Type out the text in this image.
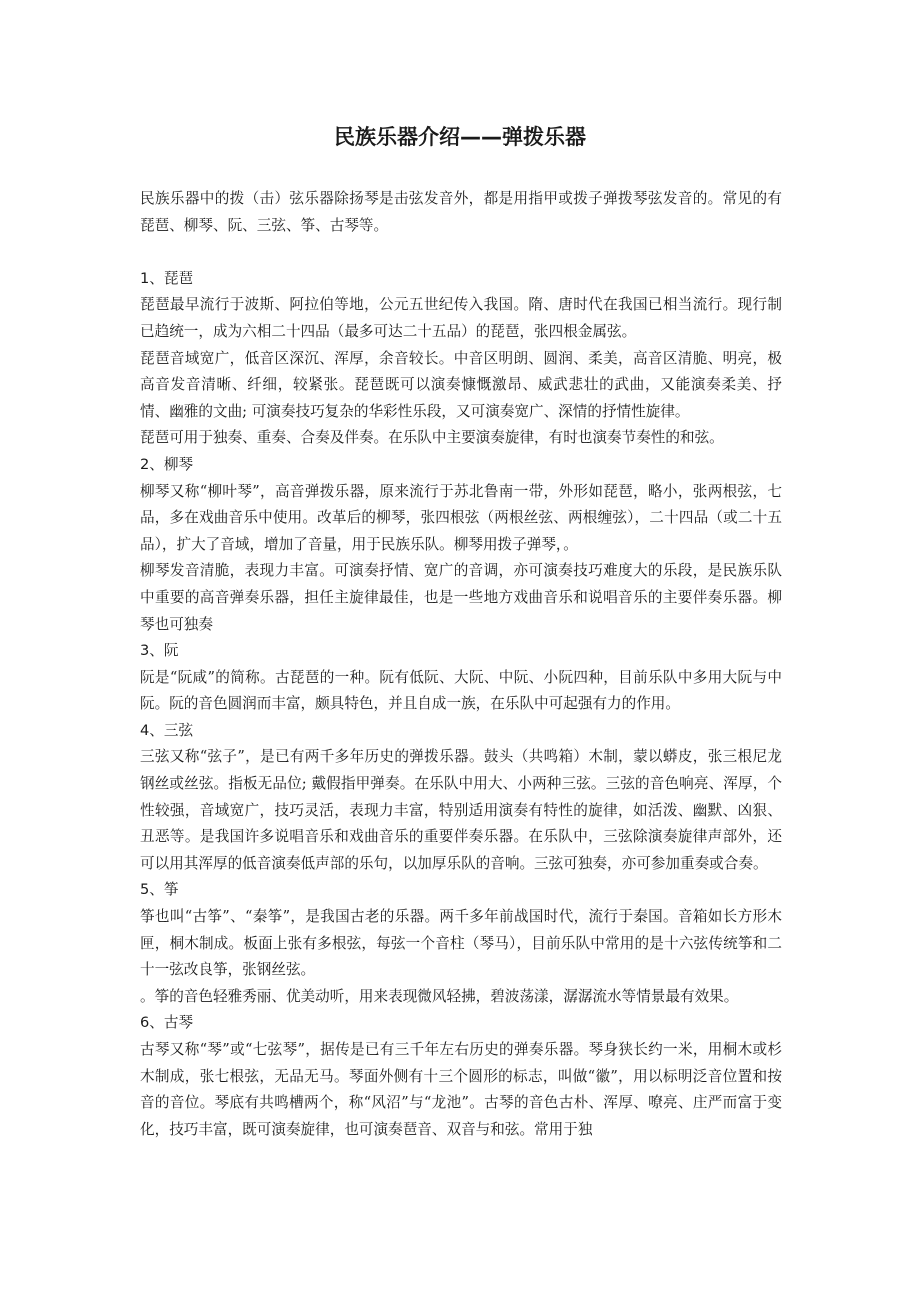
民族乐器介绍——弹拨乐器

民族乐器中的拨（击）弦乐器除扬琴是击弦发音外，都是用指甲或拨子弹拨琴弦发音的。常见的有琵琶、柳琴、阮、三弦、筝、古琴等。

1、琵琶

琵琶最早流行于波斯、阿拉伯等地，公元五世纪传入我国。隋、唐时代在我国已相当流行。现行制已趋统一，成为六相二十四品（最多可达二十五品）的琵琶，张四根金属弦。

琵琶音域宽广，低音区深沉、浑厚，余音较长。中音区明朗、圆润、柔美，高音区清脆、明亮，极高音发音清晰、纤细，较紧张。琵琶既可以演奏慷慨激昂、威武悲壮的武曲，又能演奏柔美、抒情、幽雅的文曲; 可演奏技巧复杂的华彩性乐段，又可演奏宽广、深情的抒情性旋律。

琵琶可用于独奏、重奏、合奏及伴奏。在乐队中主要演奏旋律，有时也演奏节奏性的和弦。

2、柳琴

柳琴又称“柳叶琴”，高音弹拨乐器，原来流行于苏北鲁南一带，外形如琵琶，略小，张两根弦，七品，多在戏曲音乐中使用。改革后的柳琴，张四根弦（两根丝弦、两根缠弦），二十四品（或二十五品），扩大了音域，增加了音量，用于民族乐队。柳琴用拨子弹琴，。

柳琴发音清脆，表现力丰富。可演奏抒情、宽广的音调，亦可演奏技巧难度大的乐段，是民族乐队中重要的高音弹奏乐器，担任主旋律最佳，也是一些地方戏曲音乐和说唱音乐的主要伴奏乐器。柳琴也可独奏

3、阮

阮是“阮咸”的简称。古琵琶的一种。阮有低阮、大阮、中阮、小阮四种，目前乐队中多用大阮与中阮。阮的音色圆润而丰富，颇具特色，并且自成一族，在乐队中可起强有力的作用。

4、三弦

三弦又称“弦子”，是已有两千多年历史的弹拨乐器。鼓头（共鸣箱）木制，蒙以蟒皮，张三根尼龙钢丝或丝弦。指板无品位; 戴假指甲弹奏。在乐队中用大、小两种三弦。三弦的音色响亮、浑厚，个性较强，音域宽广，技巧灵活，表现力丰富，特别适用演奏有特性的旋律，如活泼、幽默、凶狠、丑恶等。是我国许多说唱音乐和戏曲音乐的重要伴奏乐器。在乐队中，三弦除演奏旋律声部外，还可以用其浑厚的低音演奏低声部的乐句，以加厚乐队的音响。三弦可独奏，亦可参加重奏或合奏。

5、筝

筝也叫“古筝”、“秦筝”，是我国古老的乐器。两千多年前战国时代，流行于秦国。音箱如长方形木匣，桐木制成。板面上张有多根弦，每弦一个音柱（琴马），目前乐队中常用的是十六弦传统筝和二十一弦改良筝，张钢丝弦。

。筝的音色轻雅秀丽、优美动听，用来表现微风轻拂，碧波荡漾，潺潺流水等情景最有效果。

6、古琴

古琴又称“琴”或“七弦琴”，据传是已有三千年左右历史的弹奏乐器。琴身狭长约一米，用桐木或杉木制成，张七根弦，无品无马。琴面外侧有十三个圆形的标志，叫做“徽”，用以标明泛音位置和按音的音位。琴底有共鸣槽两个，称“风沼”与“龙池”。古琴的音色古朴、浑厚、嘹亮、庄严而富于变化，技巧丰富，既可演奏旋律，也可演奏琶音、双音与和弦。常用于独
